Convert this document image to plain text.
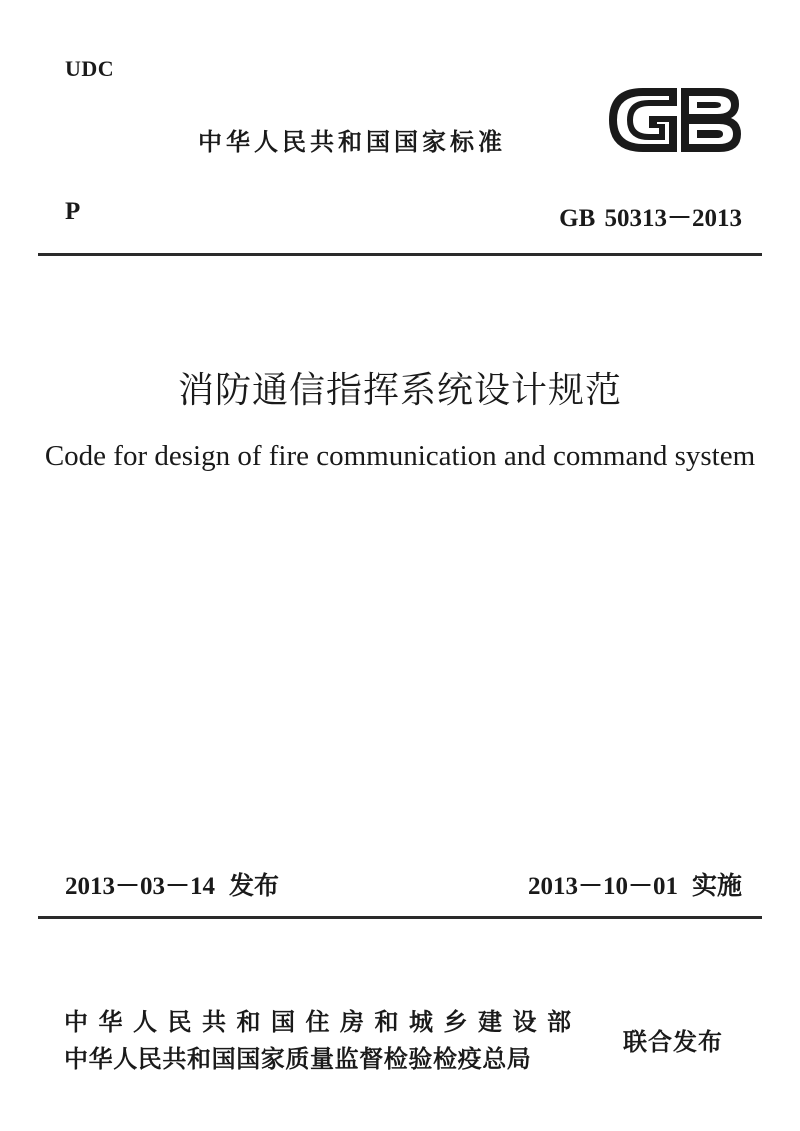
UDC
中华人民共和国国家标准
P	GB 50313－2013
消防通信指挥系统设计规范
Code for design of fire communication and command system
2013－03－14 发布	2013－10－01 实施
中华人民共和国住房和城乡建设部
中华人民共和国国家质量监督检验检疫总局
联合发布
